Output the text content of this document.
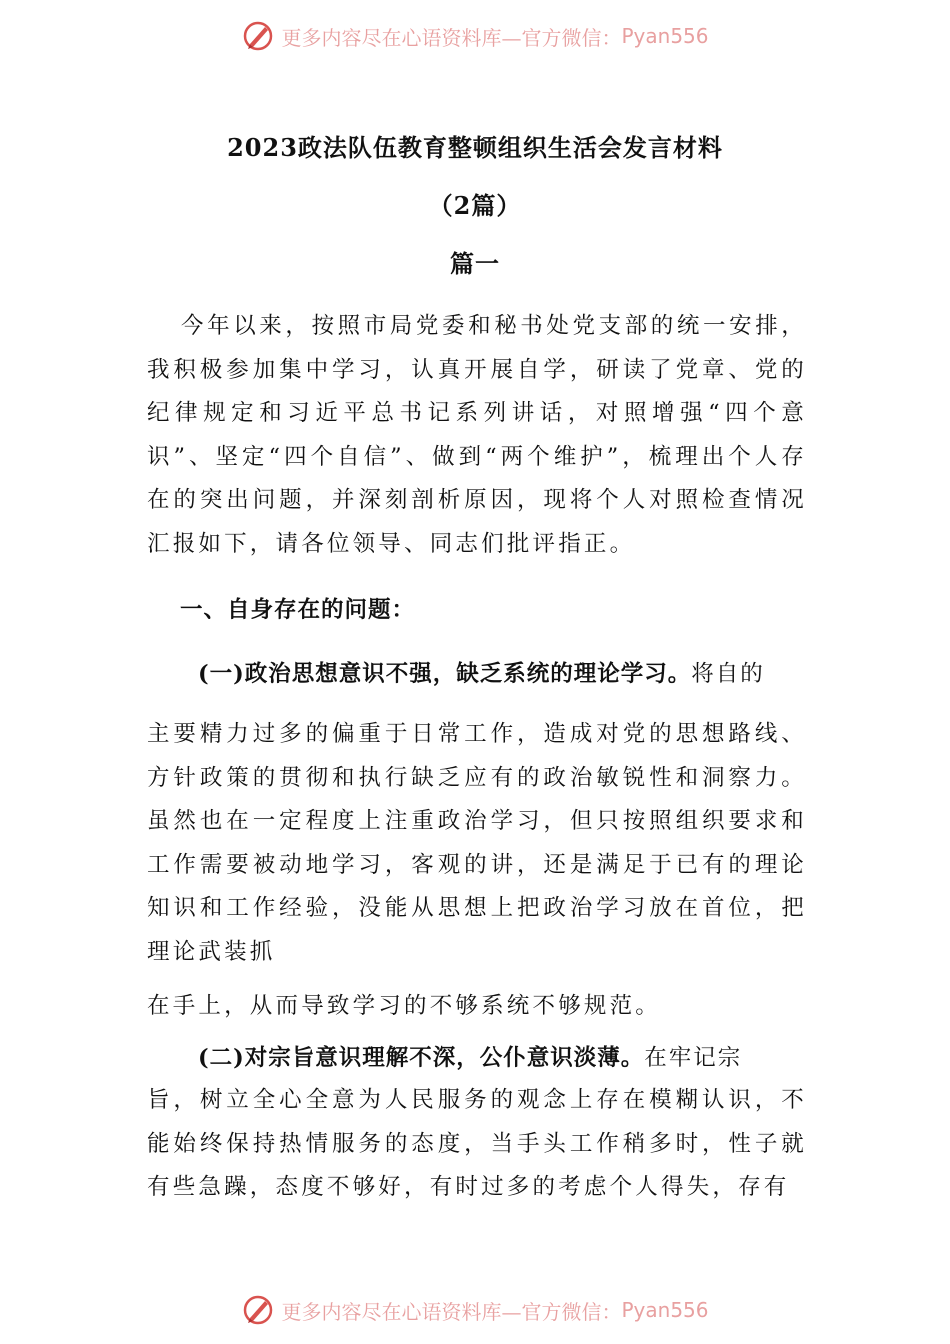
更多内容尽在心语资料库—官方微信： Pyan556
2023政法队伍教育整顿组织生活会发言材料
（2篇）
篇一

今年以来，按照市局党委和秘书处党支部的统一安排，我积极参加集中学习，认真开展自学，研读了党章、党的纪律规定和习近平总书记系列讲话，对照增强“四个意识”、坚定“四个自信”、做到“两个维护”，梳理出个人存在的突出问题，并深刻剖析原因，现将个人对照检查情况汇报如下，请各位领导、同志们批评指正。

一、自身存在的问题：
(一)政治思想意识不强，缺乏系统的理论学习。将自的

主要精力过多的偏重于日常工作，造成对党的思想路线、方针政策的贯彻和执行缺乏应有的政治敏锐性和洞察力。虽然也在一定程度上注重政治学习，但只按照组织要求和工作需要被动地学习，客观的讲，还是满足于已有的理论知识和工作经验，没能从思想上把政治学习放在首位，把理论武装抓
在手上，从而导致学习的不够系统不够规范。

(二)对宗旨意识理解不深，公仆意识淡薄。在牢记宗

旨，树立全心全意为人民服务的观念上存在模糊认识，不能始终保持热情服务的态度，当手头工作稍多时，性子就有些急躁，态度不够好，有时过多的考虑个人得失，存有

更多内容尽在心语资料库—官方微信： Pyan556
